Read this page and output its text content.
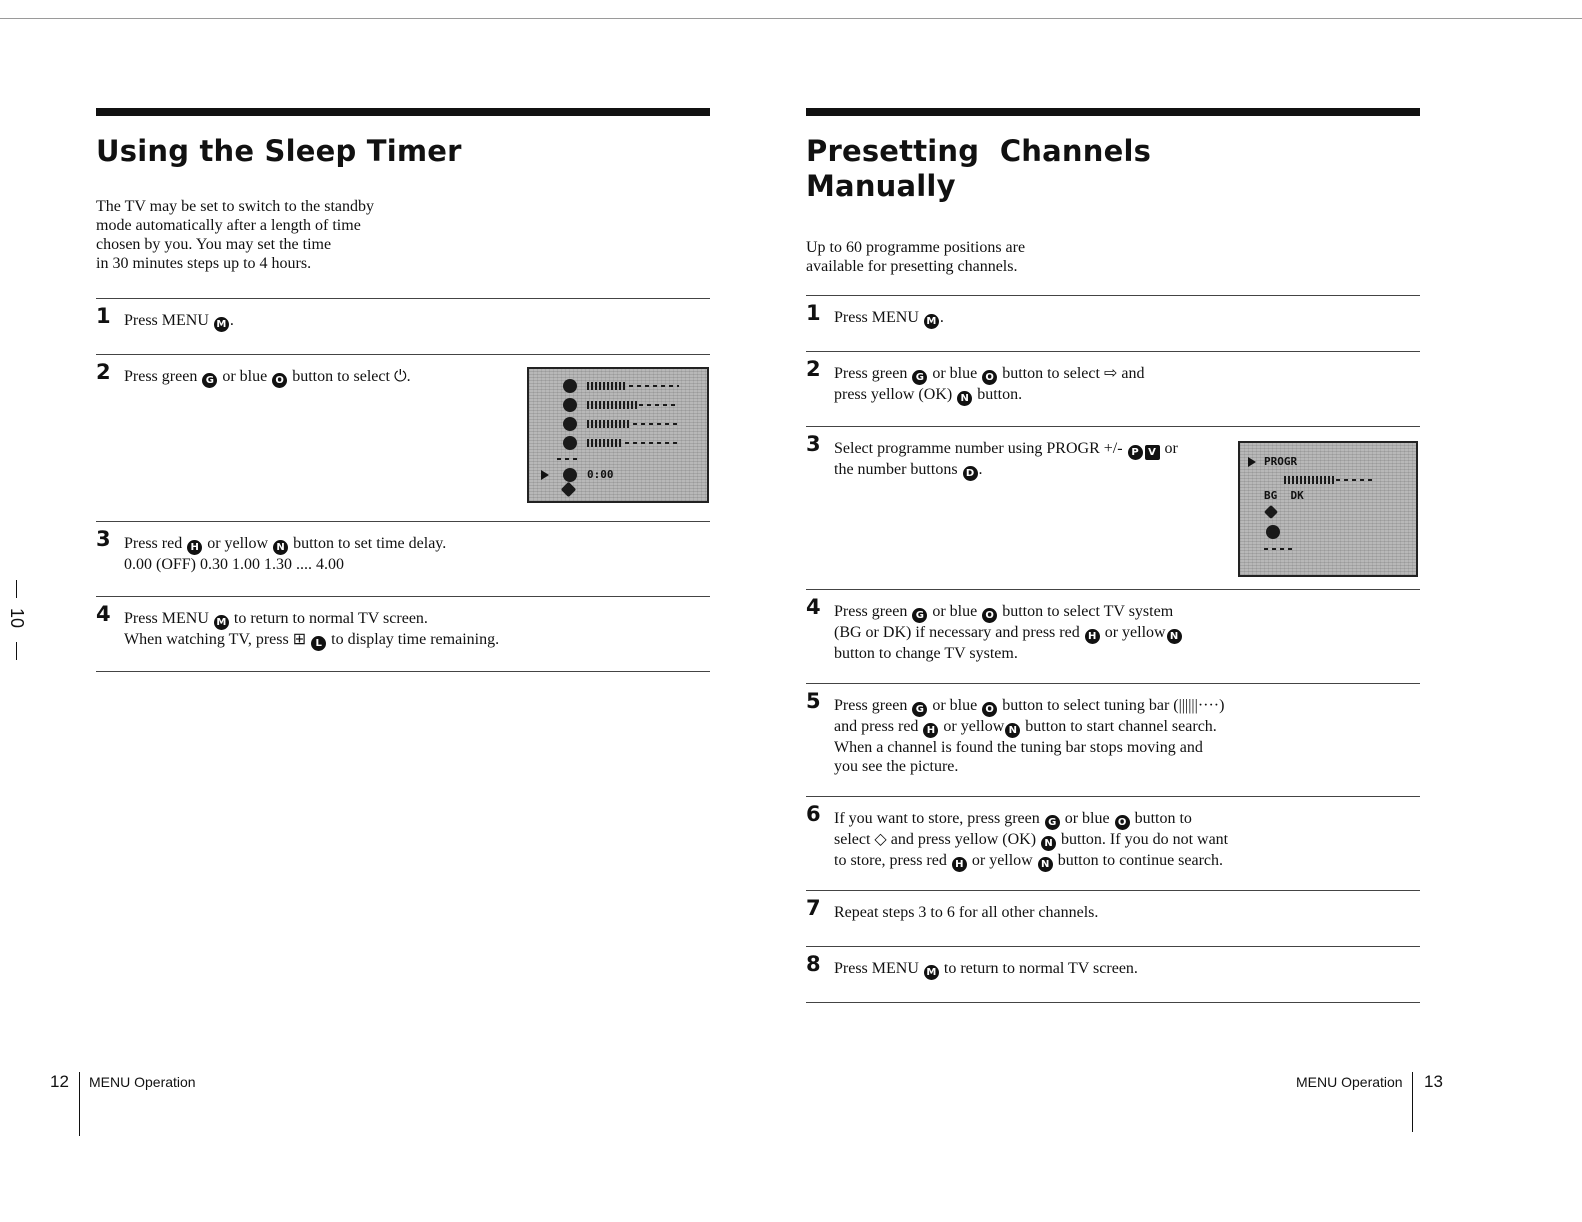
Using the Sleep Timer
The TV may be set to switch to the standby
mode automatically after a length of time
chosen by you. You may set the time
in 30 minutes steps up to 4 hours.
1 Press MENU M .
2 Press green G or blue O button to select ⏻.
3 Press red H or yellow N button to set time delay.
0.00 (OFF) 0.30 1.00 1.30 .... 4.00
4 Press MENU M to return to normal TV screen.
When watching TV, press ⊞ L to display time remaining.
0:00
Presetting  Channels
Manually
Up to 60 programme positions are
available for presetting channels.
1 Press MENU M .
2 Press green G or blue O button to select ⇨ and
press yellow (OK) N button.
3 Select programme number using PROGR +/- P V or
the number buttons D .
4 Press green G or blue O button to select TV system
(BG or DK) if necessary and press red H or yellow N
button to change TV system.
5 Press green G or blue O button to select tuning bar (||||||····)
and press red H or yellow N button to start channel search.
When a channel is found the tuning bar stops moving and
you see the picture.
6 If you want to store, press green G or blue O button to
select ◇ and press yellow (OK) N button. If you do not want
to store, press red H or yellow N button to continue search.
7 Repeat steps 3 to 6 for all other channels.
8 Press MENU M to return to normal TV screen.
PROGR
BG  DK
10
12 MENU Operation	MENU Operation 13
